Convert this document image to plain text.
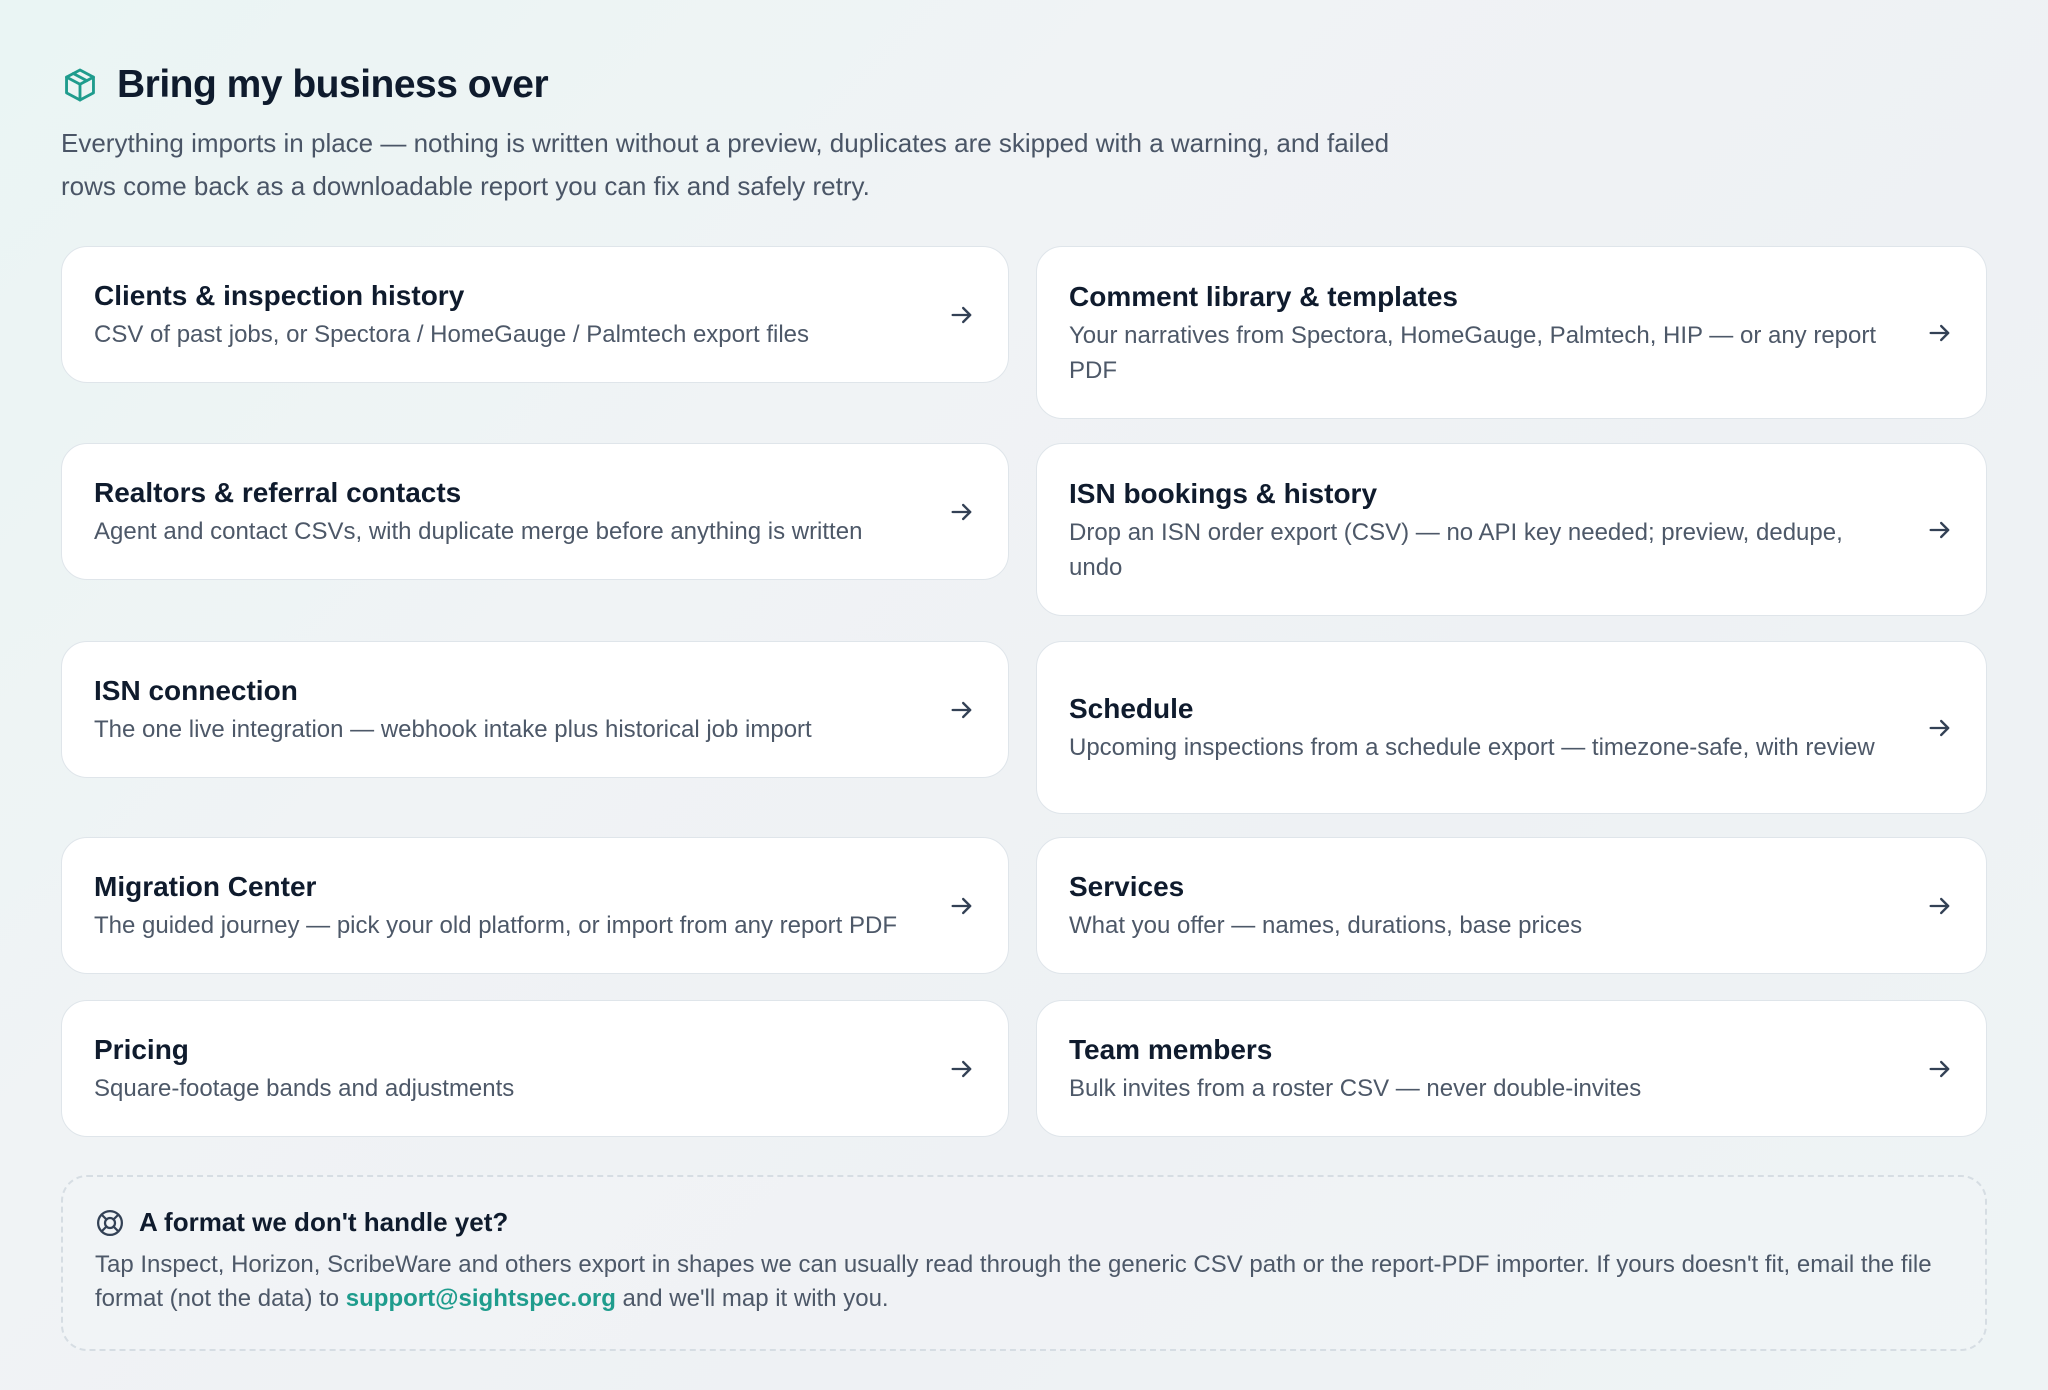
Bring my business over

Everything imports in place — nothing is written without a preview, duplicates are skipped with a warning, and failed rows come back as a downloadable report you can fix and safely retry.

Clients & inspection history
CSV of past jobs, or Spectora / HomeGauge / Palmtech export files
Comment library & templates
Your narratives from Spectora, HomeGauge, Palmtech, HIP — or any report PDF
Realtors & referral contacts
Agent and contact CSVs, with duplicate merge before anything is written
ISN bookings & history
Drop an ISN order export (CSV) — no API key needed; preview, dedupe, undo
ISN connection
The one live integration — webhook intake plus historical job import
Schedule
Upcoming inspections from a schedule export — timezone-safe, with review
Migration Center
The guided journey — pick your old platform, or import from any report PDF
Services
What you offer — names, durations, base prices
Pricing
Square-footage bands and adjustments
Team members
Bulk invites from a roster CSV — never double-invites
A format we don't handle yet?

Tap Inspect, Horizon, ScribeWare and others export in shapes we can usually read through the generic CSV path or the report-PDF importer. If yours doesn't fit, email the file format (not the data) to support@sightspec.org and we'll map it with you.
